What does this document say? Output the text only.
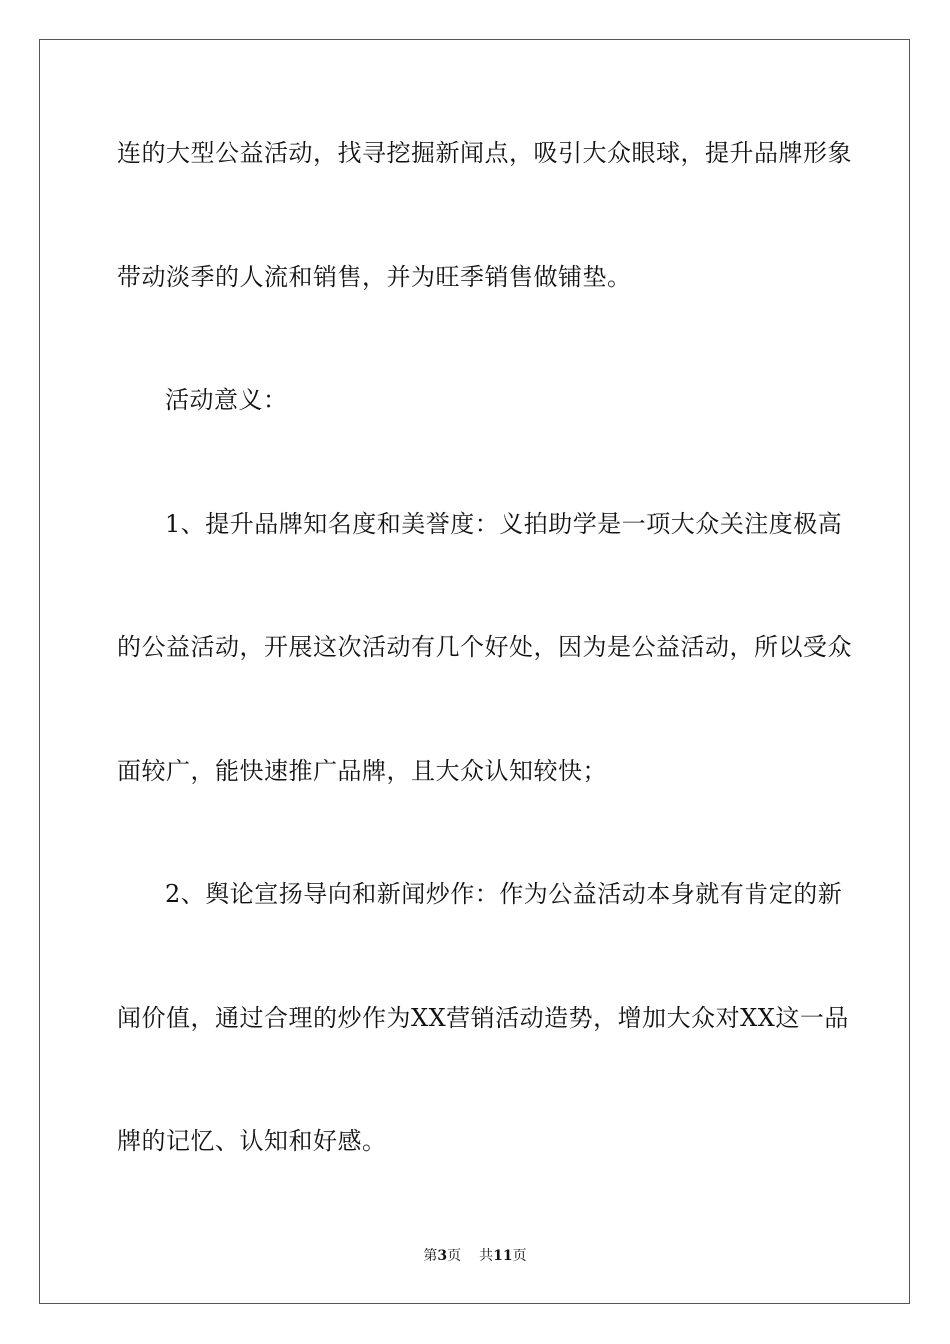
连的大型公益活动，找寻挖掘新闻点，吸引大众眼球，提升品牌形象
带动淡季的人流和销售，并为旺季销售做铺垫。
活动意义：
1、提升品牌知名度和美誉度：义拍助学是一项大众关注度极高
的公益活动，开展这次活动有几个好处，因为是公益活动，所以受众
面较广，能快速推广品牌，且大众认知较快；
2、舆论宣扬导向和新闻炒作：作为公益活动本身就有肯定的新
闻价值，通过合理的炒作为XX营销活动造势，增加大众对XX这一品
牌的记忆、认知和好感。
第3页 共11页
